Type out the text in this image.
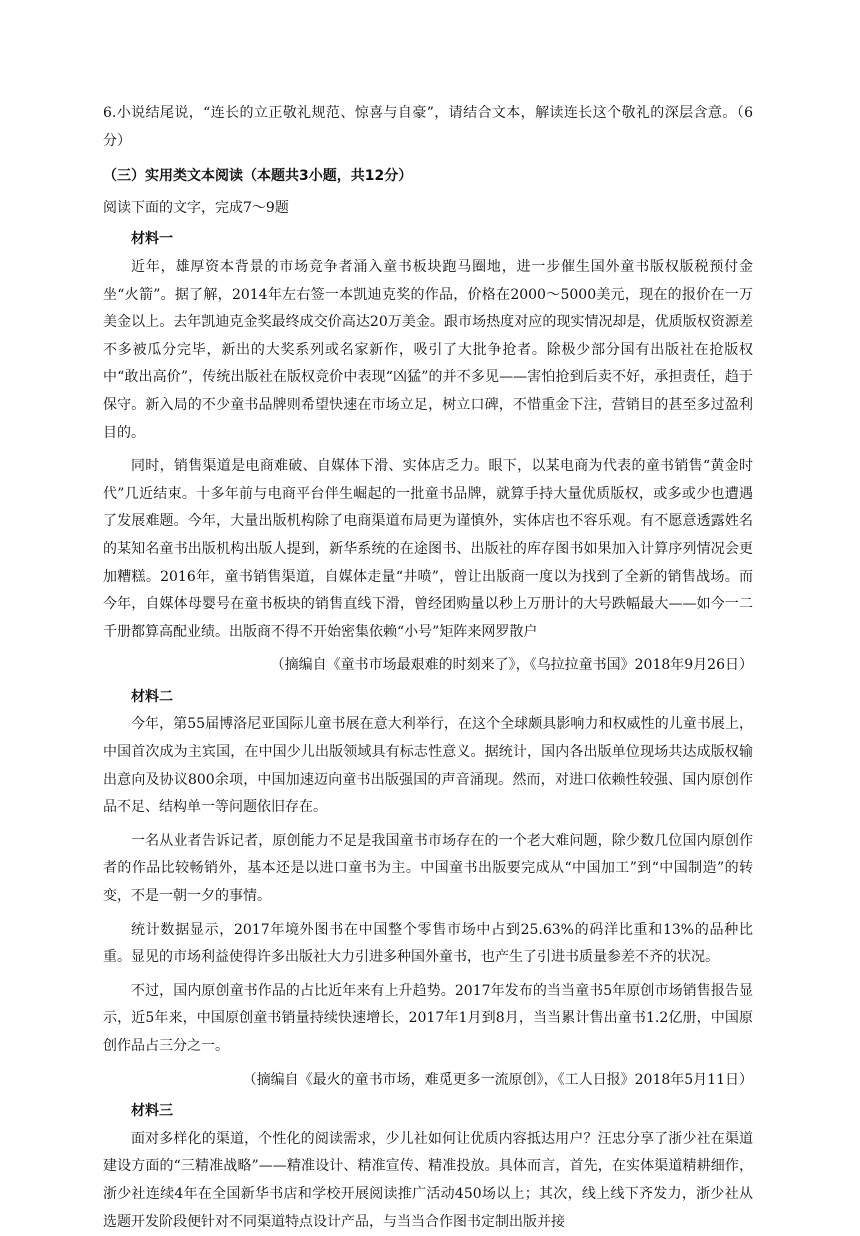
6.小说结尾说，“连长的立正敬礼规范、惊喜与自豪”，请结合文本，解读连长这个敬礼的深层含意。（6分）

（三）实用类文本阅读（本题共3小题，共12分）

阅读下面的文字，完成7～9题

材料一

近年，雄厚资本背景的市场竞争者涌入童书板块跑马圈地，进一步催生国外童书版权版税预付金坐“火箭”。据了解，2014年左右签一本凯迪克奖的作品，价格在2000～5000美元，现在的报价在一万美金以上。去年凯迪克金奖最终成交价高达20万美金。跟市场热度对应的现实情况却是，优质版权资源差不多被瓜分完毕，新出的大奖系列或名家新作，吸引了大批争抢者。除极少部分国有出版社在抢版权中“敢出高价”，传统出版社在版权竞价中表现“凶猛”的并不多见——害怕抢到后卖不好，承担责任，趋于保守。新入局的不少童书品牌则希望快速在市场立足，树立口碑，不惜重金下注，营销目的甚至多过盈利目的。

同时，销售渠道是电商难破、自媒体下滑、实体店乏力。眼下，以某电商为代表的童书销售“黄金时代”几近结束。十多年前与电商平台伴生崛起的一批童书品牌，就算手持大量优质版权，或多或少也遭遇了发展难题。今年，大量出版机构除了电商渠道布局更为谨慎外，实体店也不容乐观。有不愿意透露姓名的某知名童书出版机构出版人提到，新华系统的在途图书、出版社的库存图书如果加入计算序列情况会更加糟糕。2016年，童书销售渠道，自媒体走量“井喷”，曾让出版商一度以为找到了全新的销售战场。而今年，自媒体母婴号在童书板块的销售直线下滑，曾经团购量以秒上万册计的大号跌幅最大——如今一二千册都算高配业绩。出版商不得不开始密集依赖“小号”矩阵来网罗散户

（摘编自《童书市场最艰难的时刻来了》，《乌拉拉童书国》2018年9月26日）

材料二

今年，第55届博洛尼亚国际儿童书展在意大利举行，在这个全球颇具影响力和权威性的儿童书展上，中国首次成为主宾国，在中国少儿出版领域具有标志性意义。据统计，国内各出版单位现场共达成版权输出意向及协议800余项，中国加速迈向童书出版强国的声音涌现。然而，对进口依赖性较强、国内原创作品不足、结构单一等问题依旧存在。

一名从业者告诉记者，原创能力不足是我国童书市场存在的一个老大难问题，除少数几位国内原创作者的作品比较畅销外，基本还是以进口童书为主。中国童书出版要完成从“中国加工”到“中国制造”的转变，不是一朝一夕的事情。

统计数据显示，2017年境外图书在中国整个零售市场中占到25.63%的码洋比重和13%的品种比重。显见的市场利益使得许多出版社大力引进多种国外童书，也产生了引进书质量参差不齐的状况。

不过，国内原创童书作品的占比近年来有上升趋势。2017年发布的当当童书5年原创市场销售报告显示，近5年来，中国原创童书销量持续快速增长，2017年1月到8月，当当累计售出童书1.2亿册，中国原创作品占三分之一。

（摘编自《最火的童书市场，难觅更多一流原创》，《工人日报》2018年5月11日）

材料三

面对多样化的渠道，个性化的阅读需求，少儿社如何让优质内容抵达用户？汪忠分享了浙少社在渠道建设方面的“三精准战略”——精准设计、精准宣传、精准投放。具体而言，首先，在实体渠道精耕细作，浙少社连续4年在全国新华书店和学校开展阅读推广活动450场以上；其次，线上线下齐发力，浙少社从选题开发阶段便针对不同渠道特点设计产品，与当当合作图书定制出版并接
